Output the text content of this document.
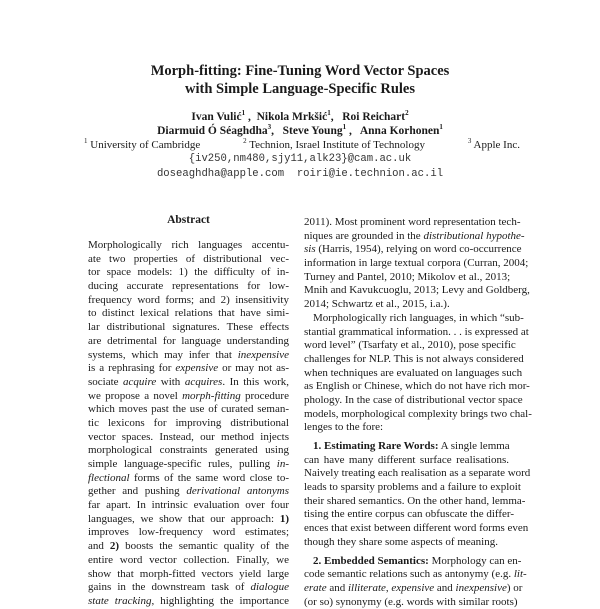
Morph-fitting: Fine-Tuning Word Vector Spaces
with Simple Language-Specific Rules
Ivan Vulić$^1$ ,  Nikola Mrkšić$^1$,   Roi Reichart$^2$
Diarmuid Ó Séaghdha$^3$,   Steve Young$^1$ ,   Anna Korhonen$^1$
$^1$ University of Cambridge	$^2$ Technion, Israel Institute of Technology	$^3$ Apple Inc.
{iv250,nm480,sjy11,alk23}@cam.ac.uk
doseaghdha@apple.com roiri@ie.technion.ac.il
Abstract
Morphologically rich languages accentu-
ate two properties of distributional vec-
tor space models: 1) the difficulty of in-
ducing accurate representations for low-
frequency word forms; and 2) insensitivity
to distinct lexical relations that have simi-
lar distributional signatures. These effects
are detrimental for language understanding
systems, which may infer that inexpensive
is a rephrasing for expensive or may not as-
sociate acquire with acquires. In this work,
we propose a novel morph-fitting procedure
which moves past the use of curated seman-
tic lexicons for improving distributional
vector spaces. Instead, our method injects
morphological constraints generated using
simple language-specific rules, pulling in-
flectional forms of the same word close to-
gether and pushing derivational antonyms
far apart. In intrinsic evaluation over four
languages, we show that our approach: 1)
improves low-frequency word estimates;
and 2) boosts the semantic quality of the
entire word vector collection. Finally, we
show that morph-fitted vectors yield large
gains in the downstream task of dialogue
state tracking, highlighting the importance
2011). Most prominent word representation tech-
niques are grounded in the distributional hypothe-
sis (Harris, 1954), relying on word co-occurrence
information in large textual corpora (Curran, 2004;
Turney and Pantel, 2010; Mikolov et al., 2013;
Mnih and Kavukcuoglu, 2013; Levy and Goldberg,
2014; Schwartz et al., 2015, i.a.).
Morphologically rich languages, in which “sub-
stantial grammatical information. . . is expressed at
word level” (Tsarfaty et al., 2010), pose specific
challenges for NLP. This is not always considered
when techniques are evaluated on languages such
as English or Chinese, which do not have rich mor-
phology. In the case of distributional vector space
models, morphological complexity brings two chal-
lenges to the fore:
1. Estimating Rare Words: A single lemma
can have many different surface realisations.
Naively treating each realisation as a separate word
leads to sparsity problems and a failure to exploit
their shared semantics. On the other hand, lemma-
tising the entire corpus can obfuscate the differ-
ences that exist between different word forms even
though they share some aspects of meaning.
2. Embedded Semantics: Morphology can en-
code semantic relations such as antonymy (e.g. lit-
erate and illiterate, expensive and inexpensive) or
(or so) synonymy (e.g. words with similar roots)
